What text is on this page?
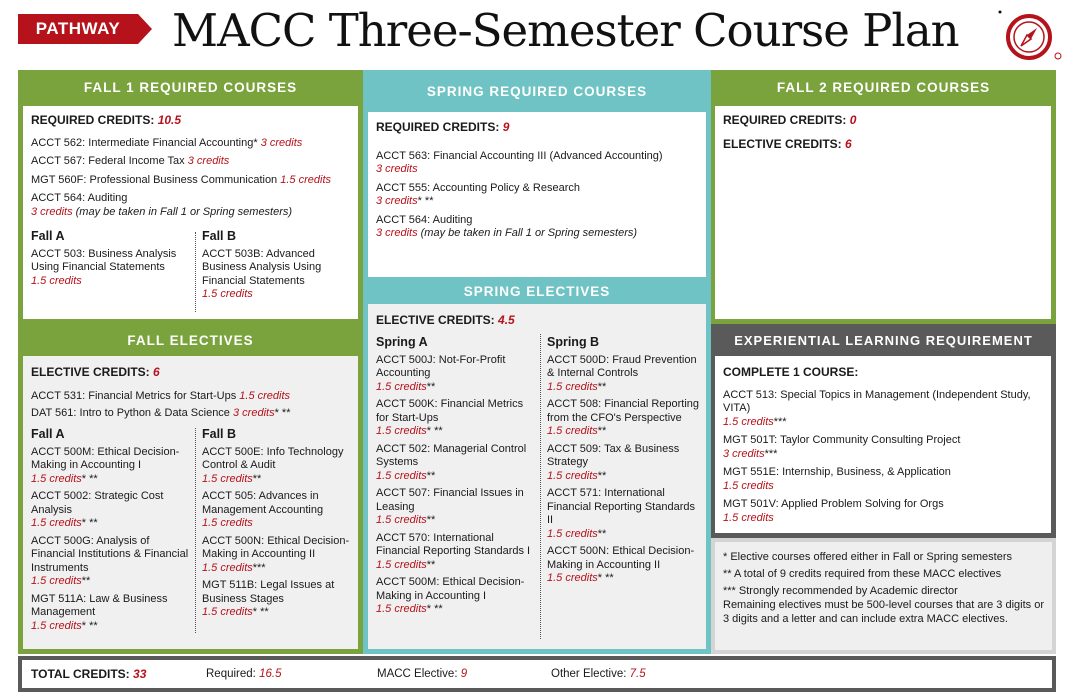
PATHWAY	MACC Three-Semester Course Plan
FALL 1 REQUIRED COURSES
REQUIRED CREDITS: 10.5
ACCT 562: Intermediate Financial Accounting* 3 credits
ACCT 567: Federal Income Tax 3 credits
MGT 560F: Professional Business Communication 1.5 credits
ACCT 564: Auditing
3 credits (may be taken in Fall 1 or Spring semesters)
Fall A
ACCT 503: Business Analysis Using Financial Statements
1.5 credits
Fall B
ACCT 503B: Advanced Business Analysis Using Financial Statements
1.5 credits
SPRING REQUIRED COURSES
REQUIRED CREDITS: 9
ACCT 563: Financial Accounting III (Advanced Accounting)
3 credits
ACCT 555: Accounting Policy & Research
3 credits* **
ACCT 564: Auditing
3 credits (may be taken in Fall 1 or Spring semesters)
FALL 2 REQUIRED COURSES
REQUIRED CREDITS: 0
ELECTIVE CREDITS: 6
SPRING ELECTIVES
ELECTIVE CREDITS: 4.5
Spring A
ACCT 500J: Not-For-Profit Accounting
1.5 credits**
ACCT 500K: Financial Metrics for Start-Ups
1.5 credits* **
ACCT 502: Managerial Control Systems
1.5 credits**
ACCT 507: Financial Issues in Leasing
1.5 credits**
ACCT 570: International Financial Reporting Standards I
1.5 credits**
ACCT 500M: Ethical Decision-Making in Accounting I
1.5 credits* **
Spring B
ACCT 500D: Fraud Prevention & Internal Controls
1.5 credits**
ACCT 508: Financial Reporting from the CFO's Perspective
1.5 credits**
ACCT 509: Tax & Business Strategy
1.5 credits**
ACCT 571: International Financial Reporting Standards II
1.5 credits**
ACCT 500N: Ethical Decision-Making in Accounting II
1.5 credits* **
FALL ELECTIVES
ELECTIVE CREDITS: 6
ACCT 531: Financial Metrics for Start-Ups 1.5 credits
DAT 561: Intro to Python & Data Science 3 credits* **
Fall A
ACCT 500M: Ethical Decision-Making in Accounting I
1.5 credits* **
ACCT 5002: Strategic Cost Analysis
1.5 credits* **
ACCT 500G: Analysis of Financial Institutions & Financial Instruments
1.5 credits**
MGT 511A: Law & Business Management
1.5 credits* **
Fall B
ACCT 500E: Info Technology Control & Audit
1.5 credits**
ACCT 505: Advances in Management Accounting
1.5 credits
ACCT 500N: Ethical Decision-Making in Accounting II
1.5 credits***
MGT 511B: Legal Issues at Business Stages
1.5 credits* **
EXPERIENTIAL LEARNING REQUIREMENT
COMPLETE 1 COURSE:
ACCT 513: Special Topics in Management (Independent Study, VITA)
1.5 credits***
MGT 501T: Taylor Community Consulting Project
3 credits***
MGT 551E: Internship, Business, & Application
1.5 credits
MGT 501V: Applied Problem Solving for Orgs
1.5 credits
* Elective courses offered either in Fall or Spring semesters
** A total of 9 credits required from these MACC electives
*** Strongly recommended by Academic director
Remaining electives must be 500-level courses that are 3 digits or 3 digits and a letter and can include extra MACC electives.
TOTAL CREDITS: 33	Required: 16.5	MACC Elective: 9	Other Elective: 7.5
